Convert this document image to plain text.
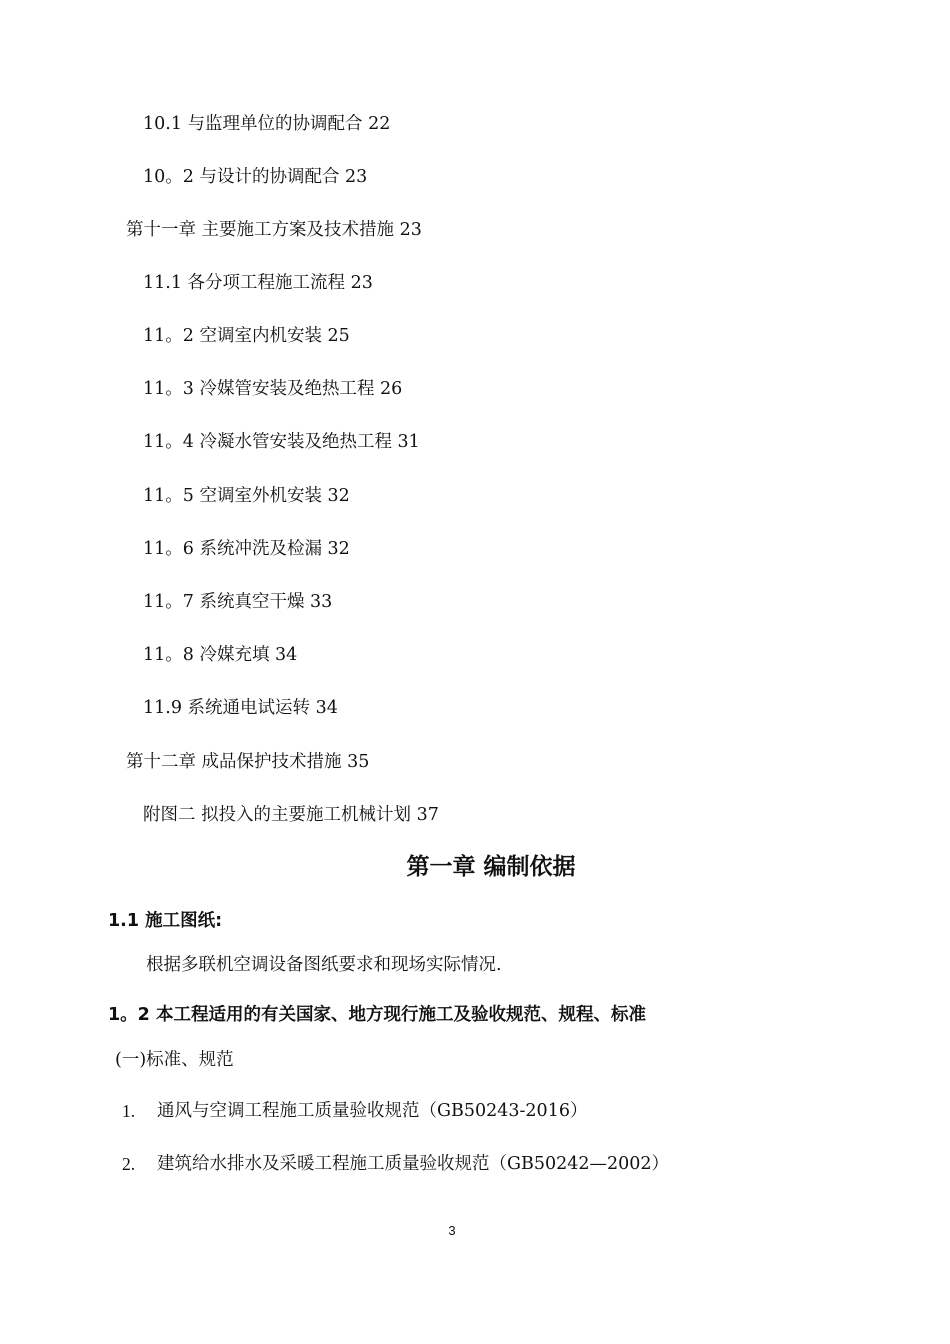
10.1 与监理单位的协调配合 22
10。2 与设计的协调配合 23
第十一章 主要施工方案及技术措施 23
11.1 各分项工程施工流程 23
11。2 空调室内机安装 25
11。3 冷媒管安装及绝热工程 26
11。4 冷凝水管安装及绝热工程 31
11。5 空调室外机安装 32
11。6 系统冲洗及检漏 32
11。7 系统真空干燥 33
11。8 冷媒充填 34
11.9 系统通电试运转 34
第十二章 成品保护技术措施 35
附图二 拟投入的主要施工机械计划 37
第一章 编制依据
1.1 施工图纸:
根据多联机空调设备图纸要求和现场实际情况.
1。2 本工程适用的有关国家、地方现行施工及验收规范、规程、标准
(一)标准、规范
1. 通风与空调工程施工质量验收规范（GB50243-2016）
2. 建筑给水排水及采暖工程施工质量验收规范（GB50242—2002）
3
